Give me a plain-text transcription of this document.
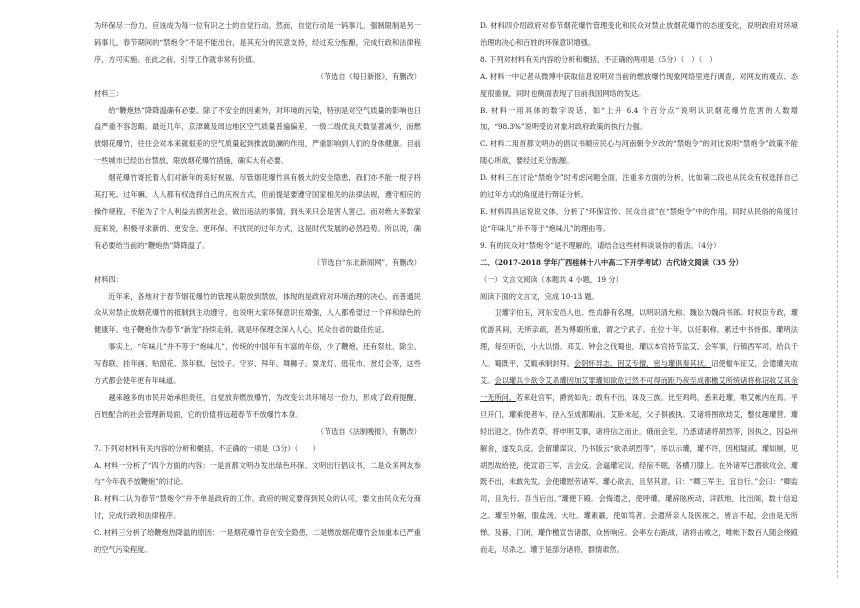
为环保尽一份力。应该成为每一位有识之士的自觉行动。然而，自觉行动是一码事儿，强制限制是另一码事儿，春节期间的“禁炮令”不是不能出台，是其充分的民意支持，经过充分酝酿，完成行政和法律程序，方可实施。在此之前，引导工作就非常有价值。

（节选自《每日新报》，有删改）

材料三：

给“鞭炮热”降降温确有必要。除了不安全的因素外，对环境的污染，特别是对空气质量的影响也日益严重不容忽略。最近几年，京津冀及周边地区空气质量普遍偏差，一级二级优良天数显著减少，而燃放烟花爆竹，往往会对本来就很差的空气质量起到推波助澜的作用，严重影响到人们的身体健康。目前一些城市已经出台禁放、限放烟花爆竹措施，确实大有必要。

烟花爆竹寄托着人们对新年的美好祝福，尽管烟花爆竹具有极大的安全隐患，我们亦不能一棍子将其打死。过年嘛，人人都有权选择自己的庆祝方式，但前提是要遵守国家相关的法律法规，遵守相应的操作规程，不能为了个人利益去损害社会，做出违法的事情，到头来只会是害人害己。而对绝大多数家庭来说，积极寻求新的、更安全、更环保、不扰民的过年方式，这是时代发展的必然趋势。所以说，确有必要给当前的“鞭炮热”降降温了。

（节选自“东北新闻网”，有删改）

材料四：

近年来，各地对于春节烟花爆竹的管理从限放到禁放，体现的是政府对环境治理的决心，而普通民众从对禁止放烟花爆竹的抵制到主动遵守，也说明大家环保意识在增强，人人都希望过一个祥和绿色的健康年。电子鞭炮作为春节“新宠”持续走俏，就是环保理念深入人心，民众自省的最佳佐证。

事实上，“年味儿”并不等于“炮味儿”，传统的中国年有丰富的年俗，少了鞭炮，还有祭灶、除尘、写春联、挂年画、贴窗花、蒸年糕、包饺子、守岁、拜年、舞狮子、耍龙灯、逛花市、赏灯会等，这些方式都会使年更有年味道。

越来越多的市民开始承担责任，自觉放弃燃放爆竹，为改变公共环境尽一份力，形成了政府提醒、百姓配合的社会管理新局面，它的价值将远超春节不放爆竹本身。

（节选自《法制晚报》，有删改）

7. 下列对材料有关内容的分析和概括，不正确的一项是（3分）（　　）

A. 材料一分析了“四个方面的内容：一是首都文明办发出绿色环保、文明出行倡议书，二是众多网友参与“今年我不放鞭炮”的讨论。

B. 材料二认为春节“禁炮令”并不单是政府的工作，政府的规定要得到民众的认可，要文由民众充分商讨，完成行政和法律程序。

C. 材料三分析了给鞭炮热降温的原因：一是烟花爆竹存在安全隐患，二是燃放烟花爆竹会加重本已严重的空气污染程度。

D. 材料四介绍政府对春节烟花爆竹管理变化和民众对禁止放烟花爆竹的态度变化，说明政府对环境治理的决心和百姓的环保意识增强。

8. 下列对材料有关内容的分析和概括，不正确的两项是（5分）（　）（　）

A. 材料一中记者从微博中获取信息说明对当前的燃放爆竹现象网络里进行调查，对网友的观点、态度很重视，同时也侧面表现了目前我国网络的发达。

B. 材料一用具体的数字说话，如“上升 6.4 个百分点”说明认识烟花爆竹危害的人数增加，“98.3%”说明受访对象对政府政策的执行力强。

C. 材料二用首都文明办的倡议书顺应民心与河南朝令夕改的“禁炮令”的对比说明“禁炮令”政策不能随心所欲，要经过充分酝酿。

D. 材料三在讨论“禁炮令”时考虑问题全面，注重多方面的分析，比如第二段也从民众有权选择自己的过年方式的角度进行辩证分析。

E. 材料四具运说说文体，分析了“环保宣传、民众自省”在“禁炮令”中的作用，同时从民俗的角度讨论“年味儿”并不等于“炮味儿”的理由等。

9. 有的民众对“禁炮令”是不理解的，请结合这些材料谈谈你的看法。（4分）

二、（2017-2018 学年广西桂林十八中高二下开学考试）古代诗文阅读（35 分）

（一）文言文阅读（本题共 4 小题，19 分）

阅读下面的文言文，完成 10-13 题。

卫瓘字伯玉，河东安邑人也。性贞静有名理，以明识清允称。魏讼为魏尚书郎。时权臣专政，瓘优游其间，无所亲疏，甚为傅嘏所重，谓之宁武子。在位十年，以任职称，累迁中书侍郎。瓘明法理，每至听讼，小大以情。邓艾、钟会之伐蜀也，瓘以本官持节监艾、会军事，行镇西军司，给兵千人。蜀既平，艾辄承制封拜。会阴怀异志，因艾专擅，密与瓘俱奏其状。诏使槛车征艾，会遣瓘先收艾。会以瓘兵少欲令艾杀瓘因加艾罪瓘知欲危已然不可得而距乃夜至成都檄艾所统诸将称诏收艾其余一无所问。若来赴官军，爵赏如先；敢有不出，诛及三族。比至鸡鸣，悉来赴瓘，唯艾帐内在焉。平旦开门，瓘乘使者车，径入至成都殿前。艾卧未起，父子俱被执。艾诸将图欲劫艾，整仗趣瓘营。瓘轻出迎之，伪作表草，将申明艾事，诸将信之而止。俄而会至，乃悉请诸将胡烈等，因执之，囚益州解舍，遂发兵反。会留瓘谋议，乃书版云“欲杀胡烈等”，举以示瓘，瓘不许，因相疑贰。瓘如厕，见胡烈故给使，使宣语三军，言会反。会逼瓘定议，经宿不眠，各横刀膝上。在外诸军已潜欲攻会。瓘既不出，未敢先发。会使瓘慰劳诸军。瓘心欲去，且坚其意，曰：“卿三军主，宜自行。”会曰：“卿监司，且先行，吾当后出。”瓘便下殿。会悔遣之，使呼瓘。瓘辞眩疾动，详跃地，比出阁，数十信追之。瓘至外解，服盐汤，大吐。瓘素羸，使如笃者。会遣所亲人及医视之，皆言不起，会由是无所惮。及暮，门闭，瓘作檄宣告诸郡，众皆响应。会率左右距战，诸将击败之，唯帐下数百人随会绕殿而走，尽杀之。瓘于是部分诸将，群情肃然。
